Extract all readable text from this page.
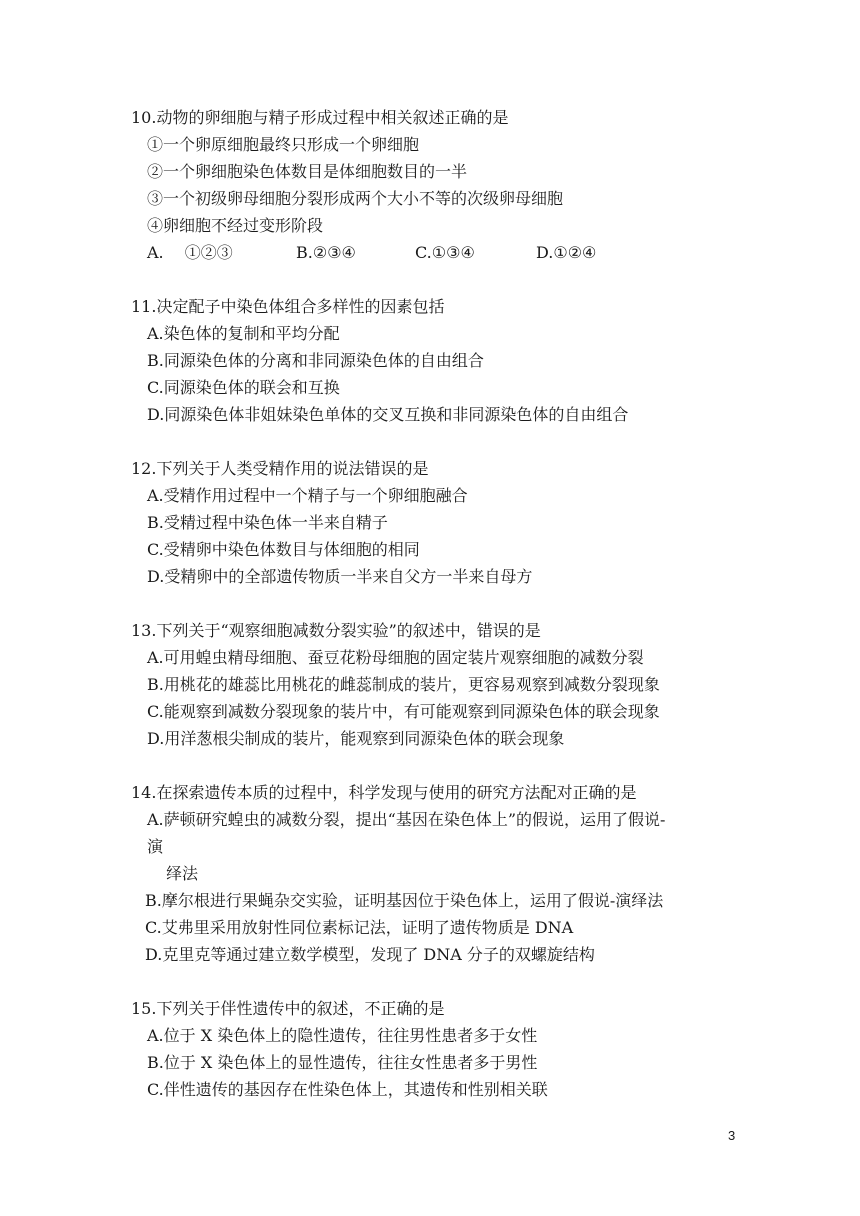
10.动物的卵细胞与精子形成过程中相关叙述正确的是
①一个卵原细胞最终只形成一个卵细胞
②一个卵细胞染色体数目是体细胞数目的一半
③一个初级卵母细胞分裂形成两个大小不等的次级卵母细胞
④卵细胞不经过变形阶段
A.　 ①②③	B.②③④	C.①③④	D.①②④
11.决定配子中染色体组合多样性的因素包括
A.染色体的复制和平均分配
B.同源染色体的分离和非同源染色体的自由组合
C.同源染色体的联会和互换
D.同源染色体非姐妹染色单体的交叉互换和非同源染色体的自由组合
12.下列关于人类受精作用的说法错误的是
A.受精作用过程中一个精子与一个卵细胞融合
B.受精过程中染色体一半来自精子
C.受精卵中染色体数目与体细胞的相同
D.受精卵中的全部遗传物质一半来自父方一半来自母方
13.下列关于“观察细胞减数分裂实验”的叙述中，错误的是
A.可用蝗虫精母细胞、蚕豆花粉母细胞的固定装片观察细胞的减数分裂
B.用桃花的雄蕊比用桃花的雌蕊制成的装片，更容易观察到减数分裂现象
C.能观察到减数分裂现象的装片中，有可能观察到同源染色体的联会现象
D.用洋葱根尖制成的装片，能观察到同源染色体的联会现象
14.在探索遗传本质的过程中，科学发现与使用的研究方法配对正确的是
A.萨顿研究蝗虫的减数分裂，提出“基因在染色体上”的假说，运用了假说-
演
绎法
B.摩尔根进行果蝇杂交实验，证明基因位于染色体上，运用了假说-演绎法
C.艾弗里采用放射性同位素标记法，证明了遗传物质是 DNA
D.克里克等通过建立数学模型，发现了 DNA 分子的双螺旋结构
15.下列关于伴性遗传中的叙述，不正确的是
A.位于 X 染色体上的隐性遗传，往往男性患者多于女性
B.位于 X 染色体上的显性遗传，往往女性患者多于男性
C.伴性遗传的基因存在性染色体上，其遗传和性别相关联
3
